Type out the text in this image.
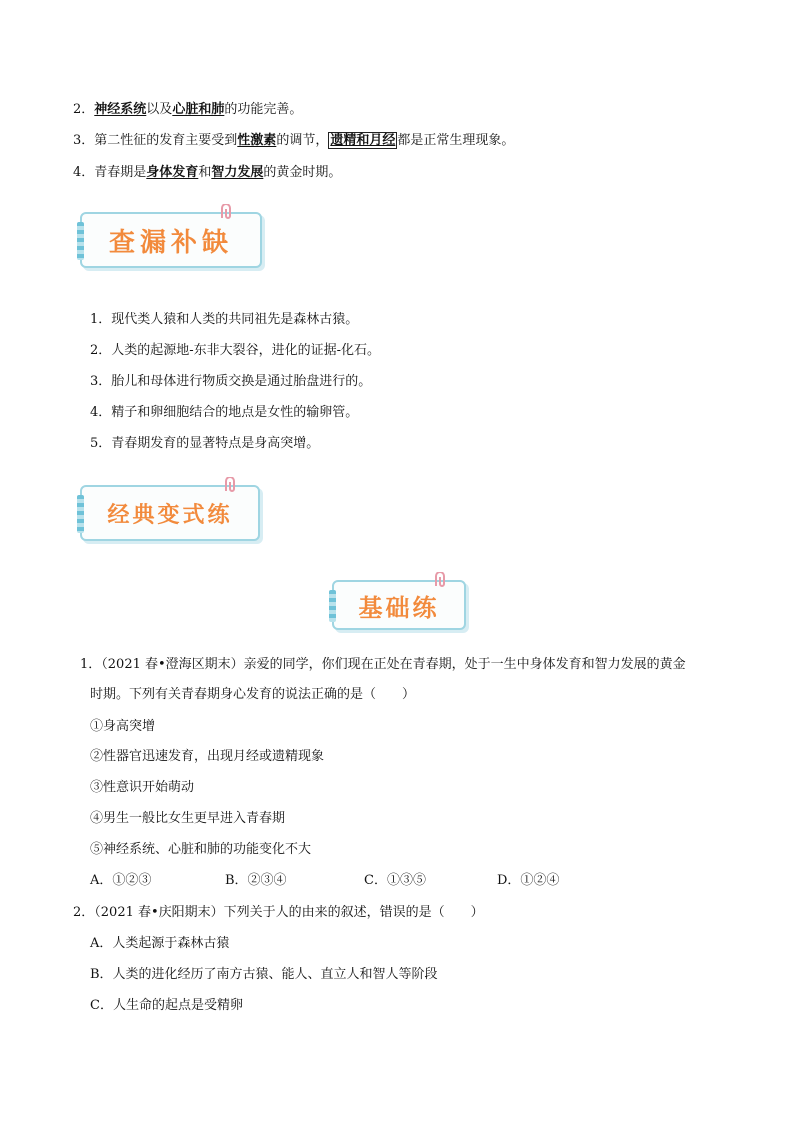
2．神经系统以及心脏和肺的功能完善。
3．第二性征的发育主要受到性激素的调节， 遗精和月经 都是正常生理现象。
4．青春期是身体发育和智力发展的黄金时期。
查漏补缺
1．现代类人猿和人类的共同祖先是森林古猿。
2．人类的起源地-东非大裂谷，进化的证据-化石。
3．胎儿和母体进行物质交换是通过胎盘进行的。
4．精子和卵细胞结合的地点是女性的输卵管。
5．青春期发育的显著特点是身高突增。
经典变式练
基础练
1．（2021 春•澄海区期末）亲爱的同学，你们现在正处在青春期，处于一生中身体发育和智力发展的黄金
时期。下列有关青春期身心发育的说法正确的是（　　）
①身高突增
②性器官迅速发育，出现月经或遗精现象
③性意识开始萌动
④男生一般比女生更早进入青春期
⑤神经系统、心脏和肺的功能变化不大
A．①②③	B．②③④	C．①③⑤	D．①②④
2．（2021 春•庆阳期末）下列关于人的由来的叙述，错误的是（　　）
A．人类起源于森林古猿
B．人类的进化经历了南方古猿、能人、直立人和智人等阶段
C．人生命的起点是受精卵
